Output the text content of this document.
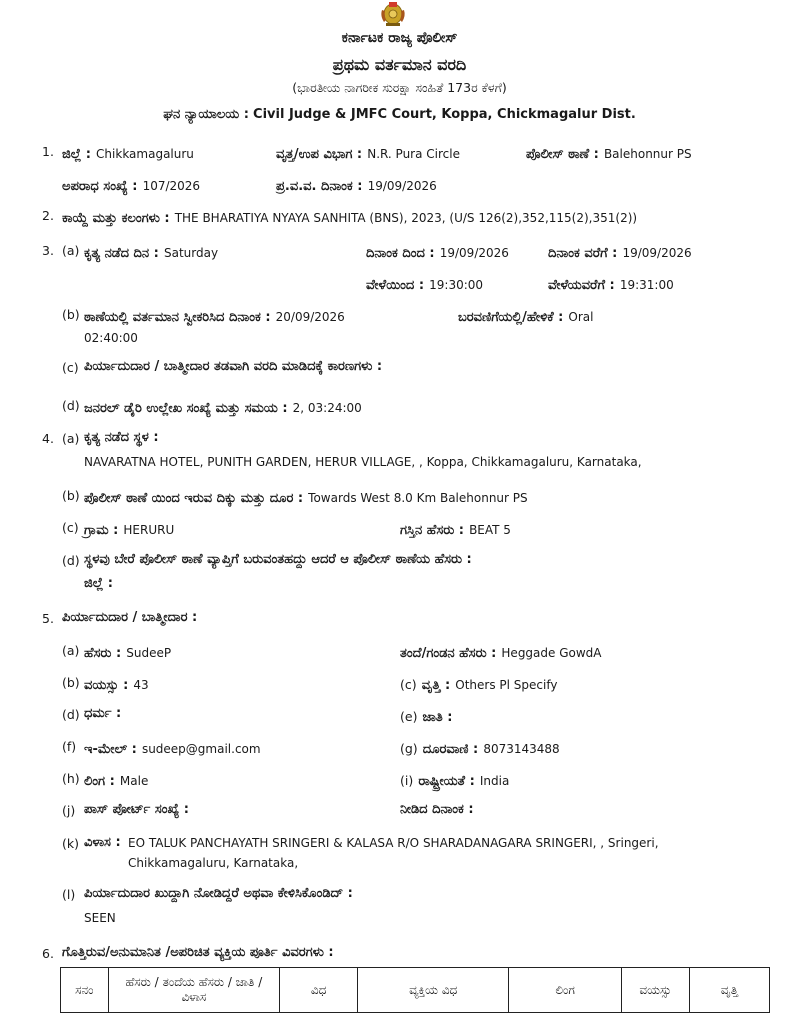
ಕರ್ನಾಟಕ ರಾಜ್ಯ ಪೊಲೀಸ್
ಪ್ರಥಮ ವರ್ತಮಾನ ವರದಿ
(ಭಾರತೀಯ ನಾಗರೀಕ ಸುರಕ್ಷಾ ಸಂಹಿತೆ 173ರ ಕೆಳಗೆ)
ಘನ ನ್ಯಾಯಾಲಯ : Civil Judge & JMFC Court, Koppa, Chickmagalur Dist.
1. ಜಿಲ್ಲೆ : Chikkamagaluru	ವೃತ್ತ/ಉಪ ವಿಭಾಗ : N.R. Pura Circle	ಪೊಲೀಸ್ ಠಾಣೆ : Balehonnur PS
ಅಪರಾಧ ಸಂಖ್ಯೆ : 107/2026	ಪ್ರ.ವ.ವ. ದಿನಾಂಕ : 19/09/2026
2. ಕಾಯ್ದೆ ಮತ್ತು ಕಲಂಗಳು : THE BHARATIYA NYAYA SANHITA (BNS), 2023, (U/S 126(2),352,115(2),351(2))
3. (a) ಕೃತ್ಯ ನಡೆದ ದಿನ : Saturday	ದಿನಾಂಕ ದಿಂದ : 19/09/2026	ದಿನಾಂಕ ವರೆಗೆ : 19/09/2026
ವೇಳೆಯಿಂದ : 19:30:00	ವೇಳೆಯವರೆಗೆ : 19:31:00
(b) ಠಾಣೆಯಲ್ಲಿ ವರ್ತಮಾನ ಸ್ವೀಕರಿಸಿದ ದಿನಾಂಕ : 20/09/2026	ಬರವಣಿಗೆಯಲ್ಲಿ/ಹೇಳಿಕೆ : Oral
02:40:00
(c) ಪಿರ್ಯಾದುದಾರ / ಬಾತ್ಮೀದಾರ ತಡವಾಗಿ ವರದಿ ಮಾಡಿದಕ್ಕೆ ಕಾರಣಗಳು :
(d) ಜನರಲ್ ಡೈರಿ ಉಲ್ಲೇಖ ಸಂಖ್ಯೆ ಮತ್ತು ಸಮಯ : 2, 03:24:00
4. (a) ಕೃತ್ಯ ನಡೆದ ಸ್ಥಳ :
NAVARATNA HOTEL, PUNITH GARDEN, HERUR VILLAGE, , Koppa, Chikkamagaluru, Karnataka,
(b) ಪೊಲೀಸ್ ಠಾಣೆ ಯಿಂದ ಇರುವ ದಿಕ್ಕು ಮತ್ತು ದೂರ : Towards West 8.0 Km Balehonnur PS
(c) ಗ್ರಾಮ : HERURU	ಗಸ್ತಿನ ಹೆಸರು : BEAT 5
(d) ಸ್ಥಳವು ಬೇರೆ ಪೊಲೀಸ್ ಠಾಣೆ ವ್ಯಾಪ್ತಿಗೆ ಬರುವಂತಹದ್ದು ಆದರೆ ಆ ಪೊಲೀಸ್ ಠಾಣೆಯ ಹೆಸರು :
ಜಿಲ್ಲೆ :
5. ಪಿರ್ಯಾದುದಾರ / ಬಾತ್ಮೀದಾರ :
(a) ಹೆಸರು : SudeeP	ತಂದೆ/ಗಂಡನ ಹೆಸರು : Heggade GowdA
(b) ವಯಸ್ಸು : 43	(c) ವೃತ್ತಿ : Others Pl Specify
(d) ಧರ್ಮ :	(e) ಜಾತಿ :
(f) ಇ-ಮೇಲ್ : sudeep@gmail.com	(g) ದೂರವಾಣಿ : 8073143488
(h) ಲಿಂಗ : Male	(i) ರಾಷ್ಟ್ರೀಯತೆ : India
(j) ಪಾಸ್ ಪೋರ್ಟ್ ಸಂಖ್ಯೆ :	ನೀಡಿದ ದಿನಾಂಕ :
(k) ವಿಳಾಸ : EO TALUK PANCHAYATH SRINGERI & KALASA R/O SHARADANAGARA SRINGERI, , Sringeri,
Chikkamagaluru, Karnataka,
(l) ಪಿರ್ಯಾದುದಾರ ಖುದ್ದಾಗಿ ನೋಡಿದ್ದರೆ ಅಥವಾ ಕೇಳಿಸಿಕೊಂಡಿದ್ :
SEEN
6. ಗೊತ್ತಿರುವ/ಅನುಮಾನಿತ /ಅಪರಿಚಿತ ವ್ಯಕ್ತಿಯ ಪೂರ್ತಿ ವಿವರಗಳು :
ಸನಂ	ಹೆಸರು / ತಂದೆಯ ಹೆಸರು / ಜಾತಿ / ವಿಳಾಸ	ವಿಧ	ವ್ಯಕ್ತಿಯ ವಿಧ	ಲಿಂಗ	ವಯಸ್ಸು	ವೃತ್ತಿ
